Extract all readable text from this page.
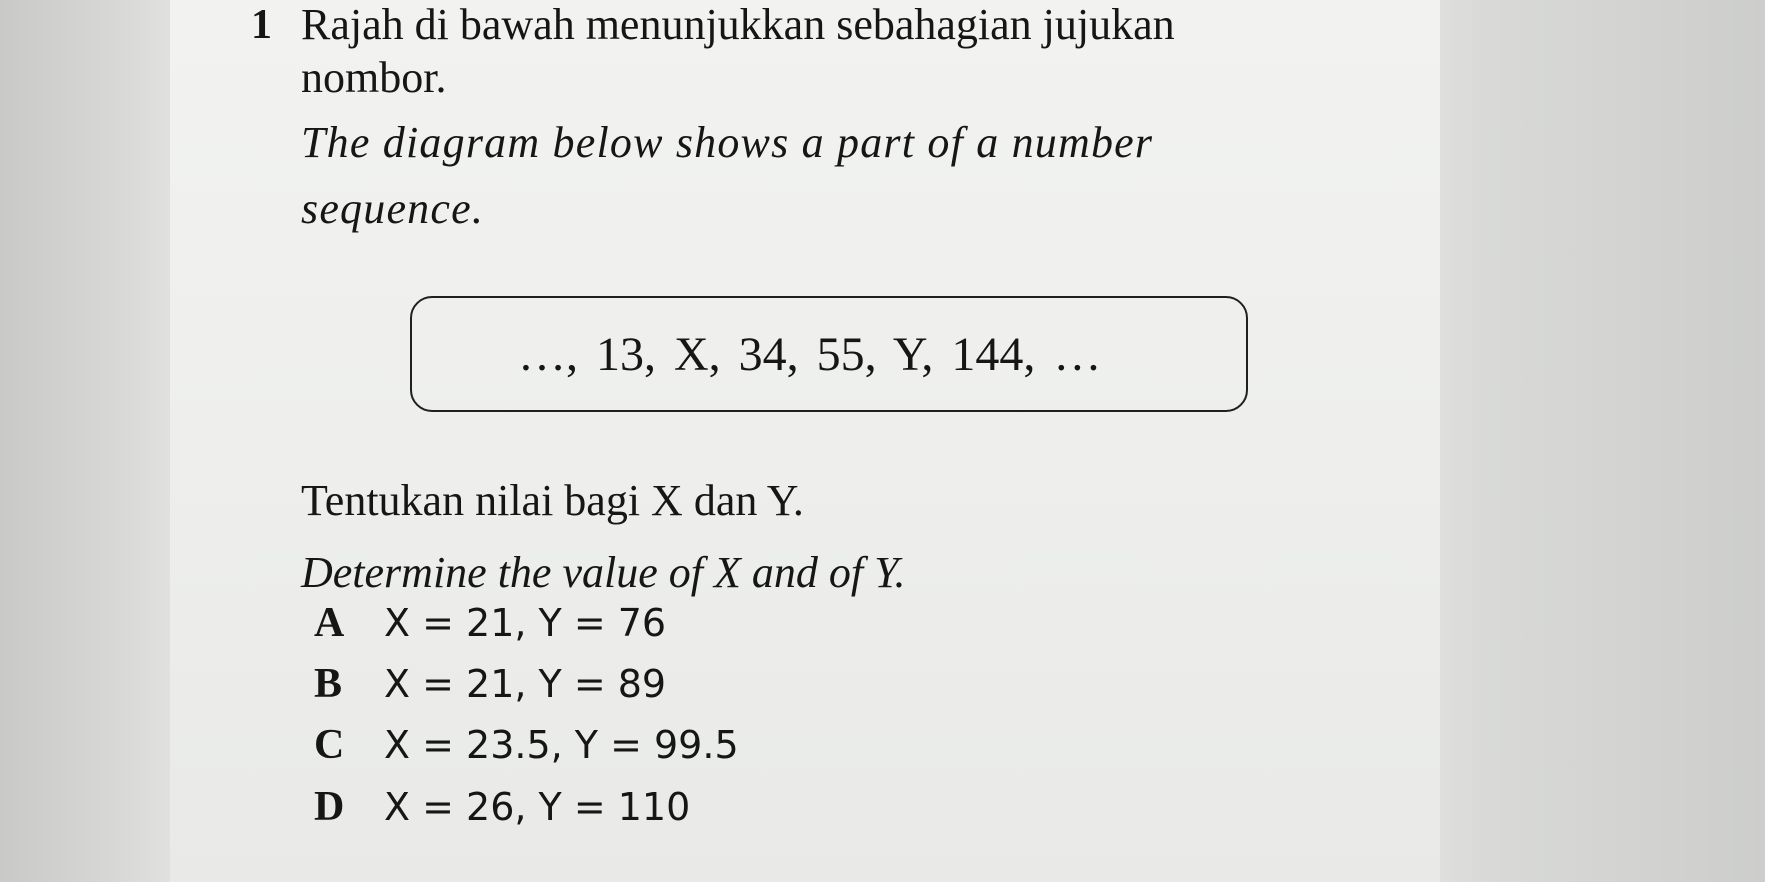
1 Rajah di bawah menunjukkan sebahagian jujukan
nombor.
The diagram below shows a part of a number
sequence.
…, 13, X, 34, 55, Y, 144, …
Tentukan nilai bagi X dan Y.
Determine the value of X and of Y.
A X = 21, Y = 76
B X = 21, Y = 89
C X = 23.5, Y = 99.5
D X = 26, Y = 110
